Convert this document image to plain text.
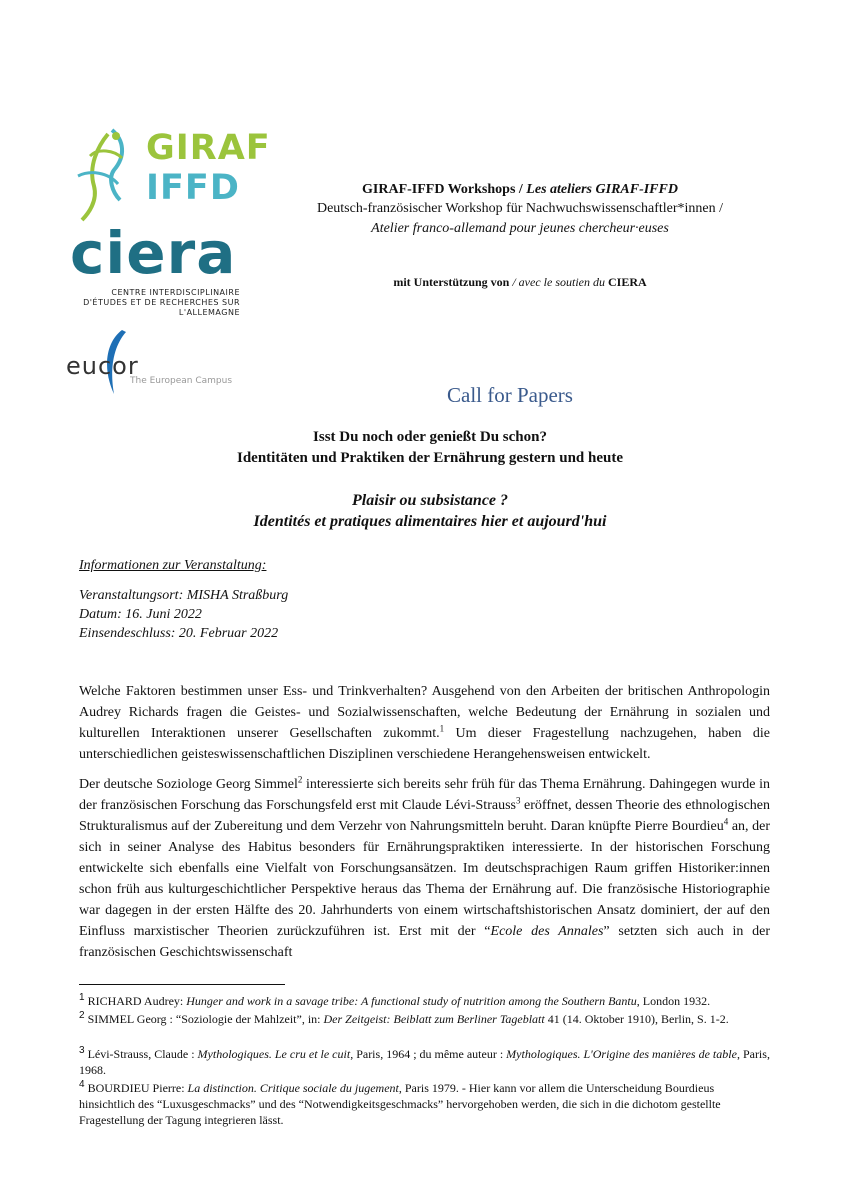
GIRAF
IFFD
ciera
CENTRE INTERDISCIPLINAIRE D'ÉTUDES ET DE RECHERCHES SUR L'ALLEMAGNE
eucor
The European Campus
GIRAF-IFFD Workshops / Les ateliers GIRAF-IFFD
Deutsch-französischer Workshop für Nachwuchswissenschaftler*innen /
Atelier franco-allemand pour jeunes chercheur·euses
mit Unterstützung von / avec le soutien du CIERA
Call for Papers
Isst Du noch oder genießt Du schon?
Identitäten und Praktiken der Ernährung gestern und heute
Plaisir ou subsistance ?
Identités et pratiques alimentaires hier et aujourd'hui
Informationen zur Veranstaltung:
Veranstaltungsort: MISHA Straßburg
Datum: 16. Juni 2022
Einsendeschluss: 20. Februar 2022
Welche Faktoren bestimmen unser Ess- und Trinkverhalten? Ausgehend von den Arbeiten der britischen Anthropologin Audrey Richards fragen die Geistes- und Sozialwissenschaften, welche Bedeutung der Ernährung in sozialen und kulturellen Interaktionen unserer Gesellschaften zukommt.$^1$ Um dieser Fragestellung nachzugehen, haben die unterschiedlichen geisteswissenschaftlichen Disziplinen verschiedene Herangehensweisen entwickelt.
Der deutsche Soziologe Georg Simmel$^2$ interessierte sich bereits sehr früh für das Thema Ernährung. Dahingegen wurde in der französischen Forschung das Forschungsfeld erst mit Claude Lévi-Strauss$^3$ eröffnet, dessen Theorie des ethnologischen Strukturalismus auf der Zubereitung und dem Verzehr von Nahrungsmitteln beruht. Daran knüpfte Pierre Bourdieu$^4$ an, der sich in seiner Analyse des Habitus besonders für Ernährungspraktiken interessierte. In der historischen Forschung entwickelte sich ebenfalls eine Vielfalt von Forschungsansätzen. Im deutschsprachigen Raum griffen Historiker:innen schon früh aus kulturgeschichtlicher Perspektive heraus das Thema der Ernährung auf. Die französische Historiographie war dagegen in der ersten Hälfte des 20. Jahrhunderts von einem wirtschaftshistorischen Ansatz dominiert, der auf den Einfluss marxistischer Theorien zurückzuführen ist. Erst mit der “Ecole des Annales” setzten sich auch in der französischen Geschichtswissenschaft
$^1$ RICHARD Audrey: Hunger and work in a savage tribe: A functional study of nutrition among the Southern Bantu, London 1932.
$^2$ SIMMEL Georg : “Soziologie der Mahlzeit”, in: Der Zeitgeist: Beiblatt zum Berliner Tageblatt 41 (14. Oktober 1910), Berlin, S. 1-2.
$^3$ Lévi-Strauss, Claude : Mythologiques. Le cru et le cuit, Paris, 1964 ; du même auteur : Mythologiques. L'Origine des manières de table, Paris, 1968.
$^4$ BOURDIEU Pierre: La distinction. Critique sociale du jugement, Paris 1979. - Hier kann vor allem die Unterscheidung Bourdieus hinsichtlich des “Luxusgeschmacks” und des “Notwendigkeitsgeschmacks” hervorgehoben werden, die sich in die dichotom gestellte Fragestellung der Tagung integrieren lässt.
